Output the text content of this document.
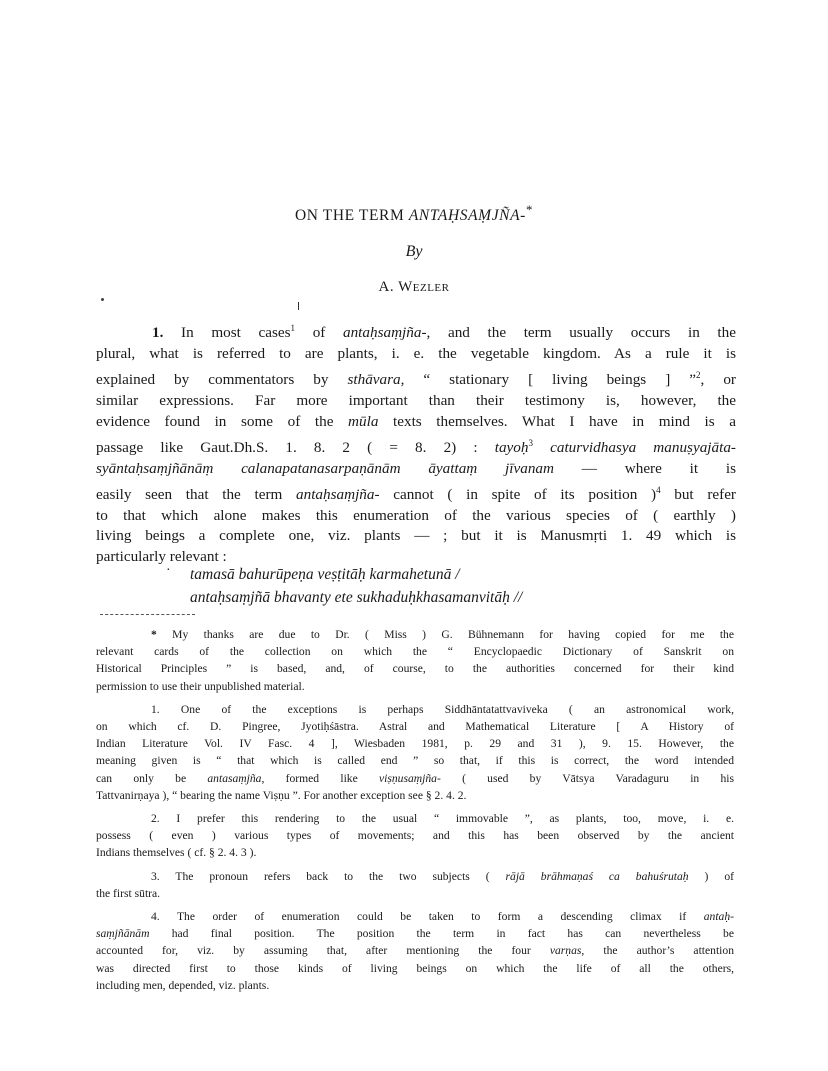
ON THE TERM ANTAḤSAṂJÑA-*
By
A. Wezler
1. In most cases$^1$ of antaḥsaṃjña-, and the term usually occurs in the
plural, what is referred to are plants, i. e. the vegetable kingdom. As a rule it is
explained by commentators by sthāvara, “ stationary [ living beings ] ”$^2$, or
similar expressions. Far more important than their testimony is, however, the
evidence found in some of the mūla texts themselves. What I have in mind is a
passage like Gaut.Dh.S. 1. 8. 2 ( = 8. 2) : tayoḥ$^3$ caturvidhasya manuṣyajāta-
syāntaḥsaṃjñānāṃ calanapatanasarpaṇānām āyattaṃ jīvanam — where it is
easily seen that the term antaḥsaṃjña- cannot ( in spite of its position )$^4$ but refer
to that which alone makes this enumeration of the various species of ( earthly )
living beings a complete one, viz. plants — ; but it is Manusmṛti 1. 49 which is
particularly relevant :
· tamasā bahurūpeṇa veṣṭitāḥ karmahetunā /
antaḥsaṃjñā bhavanty ete sukhaduḥkhasamanvitāḥ //
* My thanks are due to Dr. ( Miss ) G. Bühnemann for having copied for me the
relevant cards of the collection on which the “ Encyclopaedic Dictionary of Sanskrit on
Historical Principles ” is based, and, of course, to the authorities concerned for their kind
permission to use their unpublished material.
1. One of the exceptions is perhaps Siddhāntatattvaviveka ( an astronomical work,
on which cf. D. Pingree, Jyotiḥśāstra. Astral and Mathematical Literature [ A History of
Indian Literature Vol. IV Fasc. 4 ], Wiesbaden 1981, p. 29 and 31 ), 9. 15. However, the
meaning given is “ that which is called end ” so that, if this is correct, the word intended
can only be antasaṃjña, formed like viṣṇusaṃjña- ( used by Vātsya Varadaguru in his
Tattvanirṇaya ), “ bearing the name Viṣṇu ”. For another exception see § 2. 4. 2.
2. I prefer this rendering to the usual “ immovable ”, as plants, too, move, i. e.
possess ( even ) various types of movements; and this has been observed by the ancient
Indians themselves ( cf. § 2. 4. 3 ).
3. The pronoun refers back to the two subjects ( rājā brāhmaṇaś ca bahuśrutaḥ ) of
the first sūtra.
4. The order of enumeration could be taken to form a descending climax if antaḥ-
saṃjñānām had final position. The position the term in fact has can nevertheless be
accounted for, viz. by assuming that, after mentioning the four varṇas, the author’s attention
was directed first to those kinds of living beings on which the life of all the others,
including men, depended, viz. plants.
